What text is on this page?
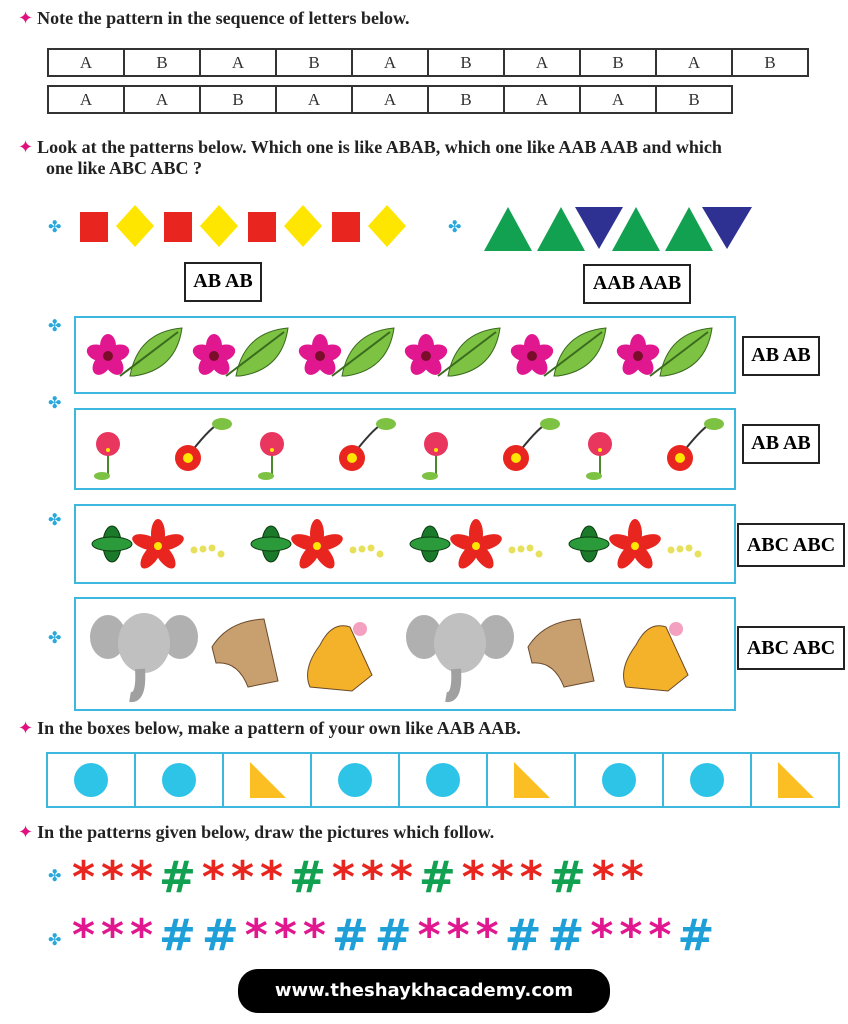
✦ Note the pattern in the sequence of letters below.
A	B	A	B	A	B	A	B	A	B
A	A	B	A	A	B	A	A	B
✦ Look at the patterns below. Which one is like ABAB, which one like AAB AAB and which
one like ABC ABC ?
✤	✤
AB AB	AAB AAB
✤
AB AB
✤
AB AB
✤
ABC ABC
✤	ABC ABC
✦ In the boxes below, make a pattern of your own like AAB AAB.
✦ In the patterns given below, draw the pictures which follow.
✤ ***#***#***#***#**
✤ ***##***##***##***#
www.theshaykhacademy.com
